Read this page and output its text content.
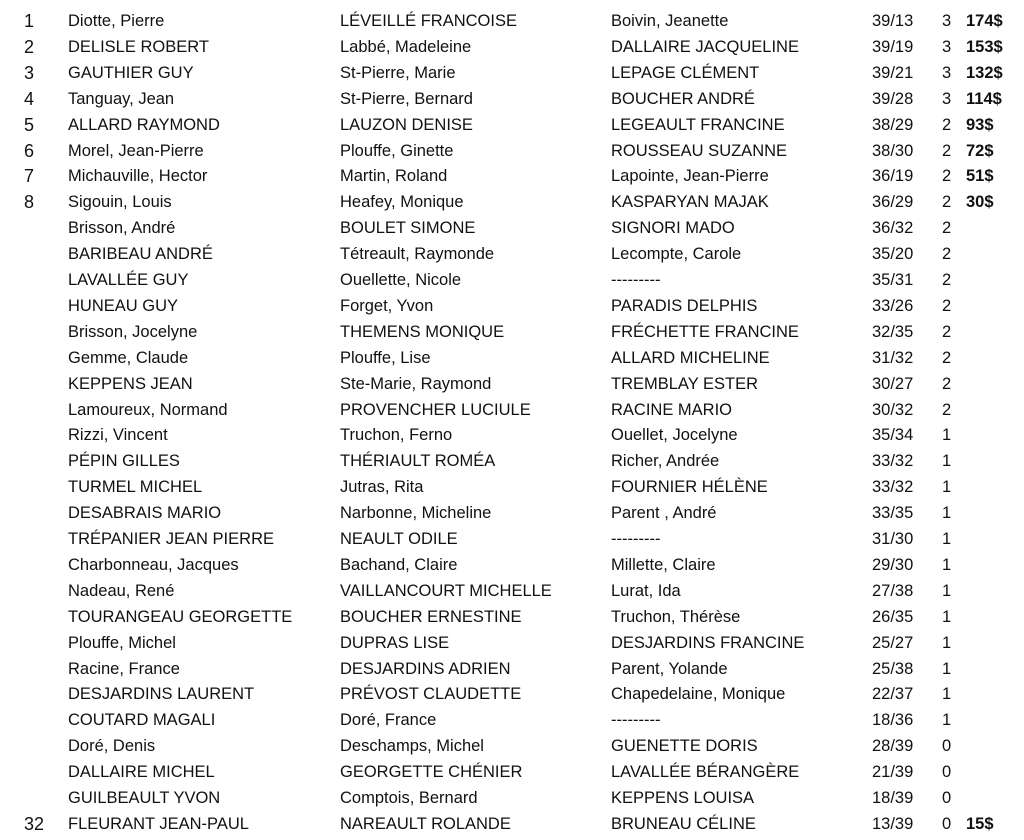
1	Diotte, Pierre	LÉVEILLÉ FRANCOISE	Boivin, Jeanette	39/13 3 174$
2	DELISLE ROBERT	Labbé, Madeleine	DALLAIRE JACQUELINE	39/19 3 153$
3	GAUTHIER GUY	St-Pierre, Marie	LEPAGE CLÉMENT	39/21 3 132$
4	Tanguay, Jean	St-Pierre, Bernard	BOUCHER ANDRÉ	39/28 3 114$
5	ALLARD RAYMOND	LAUZON DENISE	LEGEAULT FRANCINE	38/29 2 93$
6	Morel, Jean-Pierre	Plouffe, Ginette	ROUSSEAU SUZANNE	38/30 2 72$
7	Michauville, Hector	Martin, Roland	Lapointe, Jean-Pierre	36/19 2 51$
8	Sigouin, Louis	Heafey, Monique	KASPARYAN MAJAK	36/29 2 30$
Brisson, André	BOULET SIMONE	SIGNORI MADO	36/32 2
BARIBEAU ANDRÉ	Tétreault, Raymonde	Lecompte, Carole	35/20 2
LAVALLÉE GUY	Ouellette, Nicole	---------	35/31 2
HUNEAU GUY	Forget, Yvon	PARADIS DELPHIS	33/26 2
Brisson, Jocelyne	THEMENS MONIQUE	FRÉCHETTE FRANCINE	32/35 2
Gemme, Claude	Plouffe, Lise	ALLARD MICHELINE	31/32 2
KEPPENS JEAN	Ste-Marie, Raymond	TREMBLAY ESTER	30/27 2
Lamoureux, Normand	PROVENCHER LUCIULE	RACINE MARIO	30/32 2
Rizzi, Vincent	Truchon, Ferno	Ouellet, Jocelyne	35/34 1
PÉPIN GILLES	THÉRIAULT ROMÉA	Richer, Andrée	33/32 1
TURMEL MICHEL	Jutras, Rita	FOURNIER HÉLÈNE	33/32 1
DESABRAIS MARIO	Narbonne, Micheline	Parent , André	33/35 1
TRÉPANIER JEAN PIERRE	NEAULT ODILE	---------	31/30 1
Charbonneau, Jacques	Bachand, Claire	Millette, Claire	29/30 1
Nadeau, René	VAILLANCOURT MICHELLE	Lurat, Ida	27/38 1
TOURANGEAU GEORGETTE	BOUCHER ERNESTINE	Truchon, Thérèse	26/35 1
Plouffe, Michel	DUPRAS LISE	DESJARDINS FRANCINE	25/27 1
Racine, France	DESJARDINS ADRIEN	Parent, Yolande	25/38 1
DESJARDINS LAURENT	PRÉVOST CLAUDETTE	Chapedelaine, Monique	22/37 1
COUTARD MAGALI	Doré, France	---------	18/36 1
Doré, Denis	Deschamps, Michel	GUENETTE DORIS	28/39 0
DALLAIRE MICHEL	GEORGETTE CHÉNIER	LAVALLÉE BÉRANGÈRE	21/39 0
GUILBEAULT YVON	Comptois, Bernard	KEPPENS LOUISA	18/39 0
32	FLEURANT JEAN-PAUL	NAREAULT ROLANDE	BRUNEAU CÉLINE	13/39 0 15$
